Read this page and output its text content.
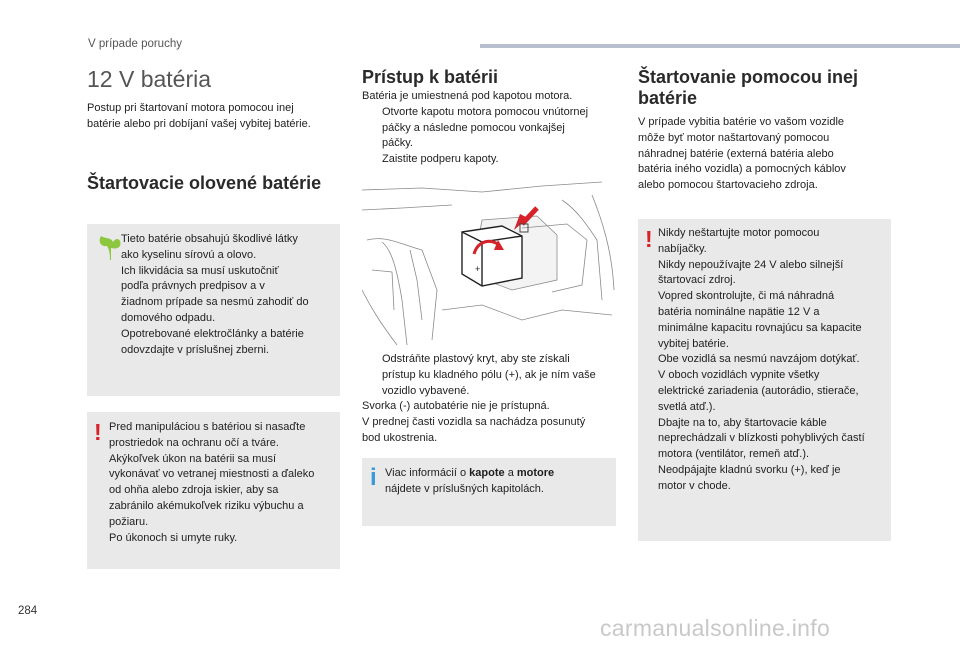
V prípade poruchy
284
carmanualsonline.info
12 V batéria
Postup pri štartovaní motora pomocou inej
batérie alebo pri dobíjaní vašej vybitej batérie.
Štartovacie olovené batérie
Tieto batérie obsahujú škodlivé látky
ako kyselinu sírovú a olovo.
Ich likvidácia sa musí uskutočniť
podľa právnych predpisov a v
žiadnom prípade sa nesmú zahodiť do
domového odpadu.
Opotrebované elektročlánky a batérie
odovzdajte v príslušnej zberni.
! Pred manipuláciou s batériou si nasaďte
prostriedok na ochranu očí a tváre.
Akýkoľvek úkon na batérii sa musí
vykonávať vo vetranej miestnosti a ďaleko
od ohňa alebo zdroja iskier, aby sa
zabránilo akémukoľvek riziku výbuchu a
požiaru.
Po úkonoch si umyte ruky.
Prístup k batérii
Batéria je umiestnená pod kapotou motora.
Otvorte kapotu motora pomocou vnútornej
páčky a následne pomocou vonkajšej
páčky.
Zaistite podperu kapoty.
+
Odstráňte plastový kryt, aby ste získali
prístup ku kladného pólu (+), ak je ním vaše
vozidlo vybavené.
Svorka (-) autobatérie nie je prístupná.
V prednej časti vozidla sa nachádza posunutý
bod ukostrenia.
i Viac informácií o kapote a motore
nájdete v príslušných kapitolách.
Štartovanie pomocou inej
batérie
V prípade vybitia batérie vo vašom vozidle
môže byť motor naštartovaný pomocou
náhradnej batérie (externá batéria alebo
batéria iného vozidla) a pomocných káblov
alebo pomocou štartovacieho zdroja.
! Nikdy neštartujte motor pomocou
nabíjačky.
Nikdy nepoužívajte 24 V alebo silnejší
štartovací zdroj.
Vopred skontrolujte, či má náhradná
batéria nominálne napätie 12 V a
minimálne kapacitu rovnajúcu sa kapacite
vybitej batérie.
Obe vozidlá sa nesmú navzájom dotýkať.
V oboch vozidlách vypnite všetky
elektrické zariadenia (autorádio, stierače,
svetlá atď.).
Dbajte na to, aby štartovacie káble
neprechádzali v blízkosti pohyblivých častí
motora (ventilátor, remeň atď.).
Neodpájajte kladnú svorku (+), keď je
motor v chode.
